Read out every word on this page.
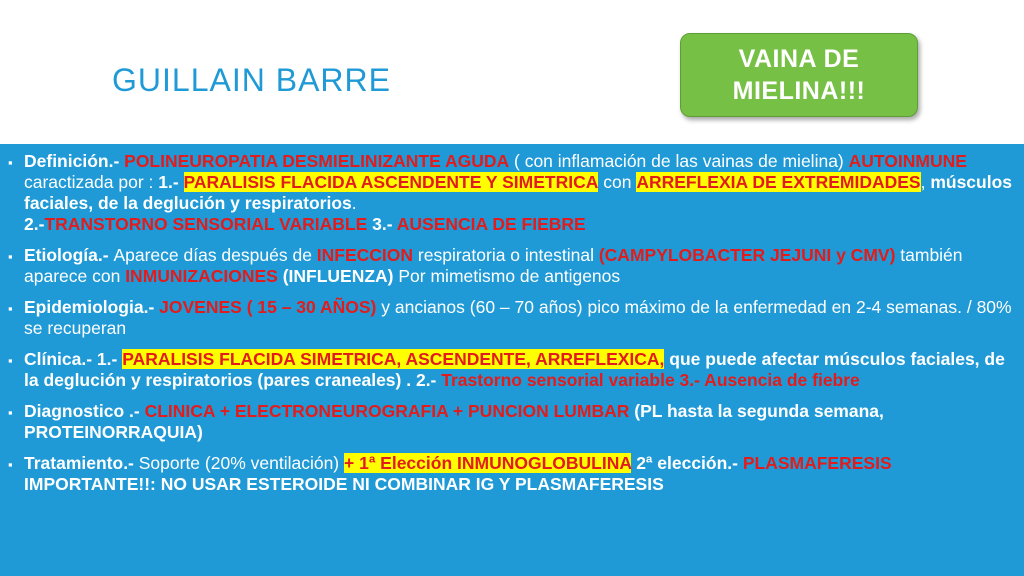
GUILLAIN BARRE
VAINA DE
MIELINA!!!
▪ Definición.- POLINEUROPATIA DESMIELINIZANTE AGUDA ( con inflamación de las vainas de mielina) AUTOINMUNE caractizada por : 1.- PARALISIS FLACIDA ASCENDENTE Y SIMETRICA con ARREFLEXIA DE EXTREMIDADES, músculos faciales, de la deglución y respiratorios.
2.-TRANSTORNO SENSORIAL VARIABLE 3.- AUSENCIA DE FIEBRE
▪ Etiología.- Aparece días después de INFECCION respiratoria o intestinal (CAMPYLOBACTER JEJUNI y CMV) también aparece con INMUNIZACIONES (INFLUENZA) Por mimetismo de antigenos
▪ Epidemiologia.- JOVENES ( 15 – 30 AÑOS) y ancianos (60 – 70 años) pico máximo de la enfermedad en 2-4 semanas. / 80% se recuperan
▪ Clínica.- 1.- PARALISIS FLACIDA SIMETRICA, ASCENDENTE, ARREFLEXICA, que puede afectar músculos faciales, de la deglución y respiratorios (pares craneales) . 2.- Trastorno sensorial variable 3.- Ausencia de fiebre
▪ Diagnostico .- CLINICA + ELECTRONEUROGRAFIA + PUNCION LUMBAR (PL hasta la segunda semana, PROTEINORRAQUIA)
▪ Tratamiento.- Soporte (20% ventilación) + 1ª Elección INMUNOGLOBULINA 2ª elección.- PLASMAFERESIS IMPORTANTE!!: NO USAR ESTEROIDE NI COMBINAR IG Y PLASMAFERESIS
